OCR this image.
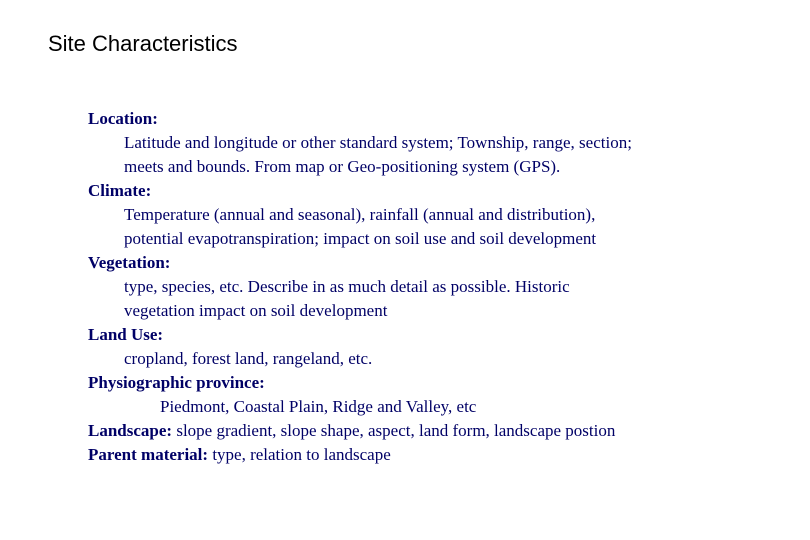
Site Characteristics
Location:
Latitude and longitude or other standard system; Township, range, section;
meets and bounds. From map or Geo-positioning system (GPS).
Climate:
Temperature (annual and seasonal), rainfall (annual and distribution),
potential evapotranspiration; impact on soil use and soil development
Vegetation:
type, species, etc. Describe in as much detail as possible. Historic
vegetation impact on soil development
Land Use:
cropland, forest land, rangeland, etc.
Physiographic province:
Piedmont, Coastal Plain, Ridge and Valley, etc
Landscape: slope gradient, slope shape, aspect, land form, landscape postion
Parent material: type, relation to landscape
